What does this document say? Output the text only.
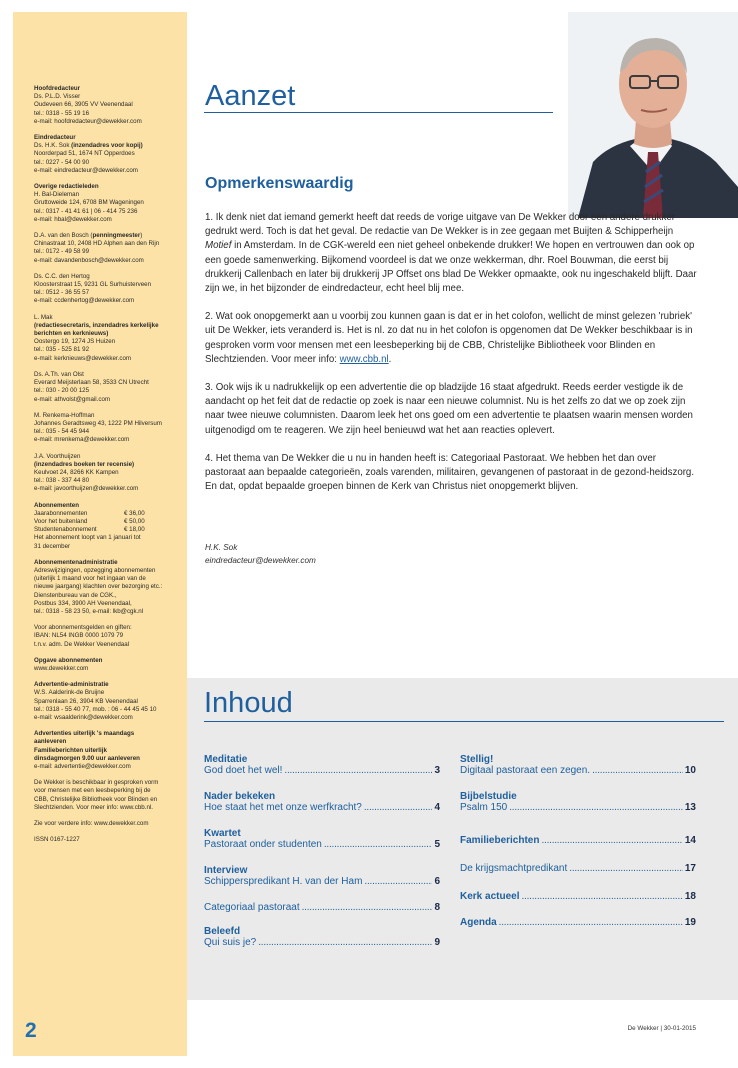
Hoofdredacteur
Ds. P.L.D. Visser
Oudeveen 66, 3905 VV Veenendaal
tel.: 0318 - 55 19 16
e-mail: hoofdredacteur@dewekker.com
Eindredacteur
Ds. H.K. Sok (inzendadres voor kopij)
Noorderpad 51, 1674 NT Opperdoes
tel.: 0227 - 54 00 90
e-mail: eindredacteur@dewekker.com
Overige redactieleden
H. Bal-Dieleman
Gruttoweide 124, 6708 BM Wageningen
tel.: 0317 - 41 41 61 | 06 - 414 75 236
e-mail: hbal@dewekker.com
D.A. van den Bosch (penningmeester)
Chinastraat 10, 2408 HD Alphen aan den Rijn
tel.: 0172 - 49 58 99
e-mail: davandenbosch@dewekker.com
Ds. C.C. den Hertog
Kloosterstraat 15, 9231 GL Surhuisterveen
tel.: 0512 - 36 55 57
e-mail: ccdenhertog@dewekker.com
L. Mak
(redactiesecretaris, inzendadres kerkelijke
berichten en kerknieuws)
Oostergo 19, 1274 JS Huizen
tel.: 035 - 525 81 92
e-mail: kerknieuws@dewekker.com
Ds. A.Th. van Olst
Everard Meijsterlaan 58, 3533 CN Utrecht
tel.: 030 - 20 00 125
e-mail: athvolst@gmail.com
M. Renkema-Hoffman
Johannes Geradtsweg 43, 1222 PM Hilversum
tel.: 035 - 54 45 944
e-mail: mrenkema@dewekker.com
J.A. Voorthuijzen
(inzendadres boeken ter recensie)
Keulvoet 24, 8266 KK Kampen
tel.: 038 - 337 44 80
e-mail: javoorthuijzen@dewekker.com
Abonnementen
Jaarabonnementen	€ 36,00
Voor het buitenland	€ 50,00
Studentenabonnement	€ 18,00
Het abonnement loopt van 1 januari tot
31 december
Abonnementenadministratie
Adreswijzigingen, opzegging abonnementen
(uiterlijk 1 maand voor het ingaan van de
nieuwe jaargang) klachten over bezorging etc.:
Dienstenbureau van de CGK.,
Postbus 334, 3900 AH Veenendaal,
tel.: 0318 - 58 23 50, e-mail: lkb@cgk.nl
Voor abonnementsgelden en giften:
IBAN: NL54 INGB 0000 1079 79
t.n.v. adm. De Wekker Veenendaal
Opgave abonnementen
www.dewekker.com
Advertentie-administratie
W.S. Aalderink-de Bruijne
Sparrenlaan 26, 3904 KB Veenendaal
tel.: 0318 - 55 40 77, mob. : 06 - 44 45 45 10
e-mail: wsaalderink@dewekker.com
Advertenties uiterlijk 's maandags
aanleveren
Familieberichten uiterlijk
dinsdagmorgen 9.00 uur aanleveren
e-mail: advertentie@dewekker.com
De Wekker is beschikbaar in gesproken vorm
voor mensen met een leesbeperking bij de
CBB, Christelijke Bibliotheek voor Blinden en
Slechtzienden. Voor meer info: www.cbb.nl.
Zie voor verdere info: www.dewekker.com
ISSN 0167-1227
2	De Wekker | 30-01-2015
Aanzet
Opmerkenswaardig

1. Ik denk niet dat iemand gemerkt heeft dat reeds de vorige uitgave van De Wekker door een andere drukker gedrukt werd. Toch is dat het geval. De redactie van De Wekker is in zee gegaan met Buijten & Schipperheijn Motief in Amsterdam. In de CGK-wereld een niet geheel onbekende drukker! We hopen en vertrouwen dan ook op een goede samenwerking. Bijkomend voordeel is dat we onze wekkerman, dhr. Roel Bouwman, die eerst bij drukkerij Callenbach en later bij drukkerij JP Offset ons blad De Wekker opmaakte, ook nu ingeschakeld blijft. Daar zijn we, in het bijzonder de eindredacteur, echt heel blij mee.

2. Wat ook onopgemerkt aan u voorbij zou kunnen gaan is dat er in het colofon, wellicht de minst gelezen 'rubriek' uit De Wekker, iets veranderd is. Het is nl. zo dat nu in het colofon is opgenomen dat De Wekker beschikbaar is in gesproken vorm voor mensen met een leesbeperking bij de CBB, Christelijke Bibliotheek voor Blinden en Slechtzienden. Voor meer info: www.cbb.nl.

3. Ook wijs ik u nadrukkelijk op een advertentie die op bladzijde 16 staat afgedrukt. Reeds eerder vestigde ik de aandacht op het feit dat de redactie op zoek is naar een nieuwe columnist. Nu is het zelfs zo dat we op zoek zijn naar twee nieuwe columnisten. Daarom leek het ons goed om een advertentie te plaatsen waarin mensen worden uitgenodigd om te reageren. We zijn heel benieuwd wat het aan reacties oplevert.

4. Het thema van De Wekker die u nu in handen heeft is: Categoriaal Pastoraat. We hebben het dan over pastoraat aan bepaalde categorieën, zoals varenden, militairen, gevangenen of pastoraat in de gezond-heidszorg. En dat, opdat bepaalde groepen binnen de Kerk van Christus niet onopgemerkt blijven.

H.K. Sok
eindredacteur@dewekker.com
Inhoud
Meditatie
God doet het wel! . . .	3
Nader bekeken
Hoe staat het met onze werfkracht? . . .	4
Kwartet
Pastoraat onder studenten . . .	5
Interview
Schipperspredikant H. van der Ham . . .	6
Categoriaal pastoraat . . .	8
Beleefd
Qui suis je? . . .	9
Stellig!
Digitaal pastoraat een zegen. . . .	10
Bijbelstudie
Psalm 150 . . .	13
Familieberichten . . .	14
De krijgsmachtpredikant . . .	17
Kerk actueel . . .	18
Agenda . . .	19
